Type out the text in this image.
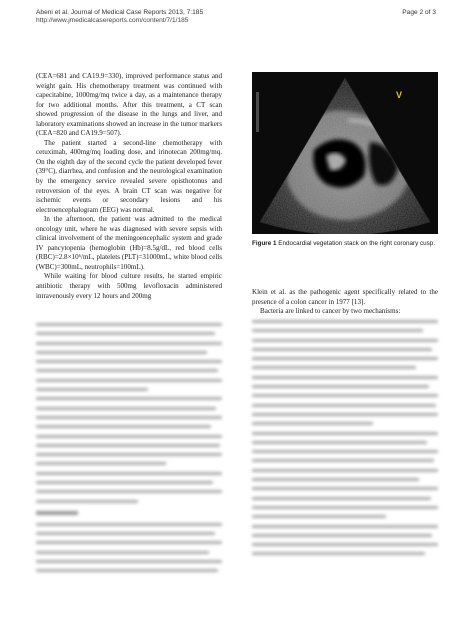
Abeni et al. Journal of Medical Case Reports 2013, 7:185
http://www.jmedicalcasereports.com/content/7/1/185
Page 2 of 3

(CEA=681 and CA19.9=330), improved performance status and weight gain. His chemotherapy treatment was continued with capecitabine, 1000mg/mq twice a day, as a maintenance therapy for two additional months. After this treatment, a CT scan showed progression of the disease in the lungs and liver, and laboratory examinations showed an increase in the tumor markers (CEA=820 and CA19.9=507).

The patient started a second-line chemotherapy with cetuximab, 400mg/mq loading dose, and irinotecan 200mg/mq. On the eighth day of the second cycle the patient developed fever (39°C), diarrhea, and confusion and the neurological examination by the emergency service revealed severe opisthotonus and retroversion of the eyes. A brain CT scan was negative for ischemic events or secondary lesions and his electroencephalogram (EEG) was normal.

In the afternoon, the patient was admitted to the medical oncology unit, where he was diagnosed with severe sepsis with clinical involvement of the meningoencephalic system and grade IV pancytopenia (hemoglobin (Hb)=8.5g/dL, red blood cells (RBC)=2.8×10⁶/mL, platelets (PLT)=31000mL, white blood cells (WBC)=300mL, neutrophils=100mL).

While waiting for blood culture results, he started empiric antibiotic therapy with 500mg levofloxacin administered intravenously every 12 hours and 200mg

V
Figure 1 Endocardial vegetation stack on the right coronary cusp.

Klein et al. as the pathogenic agent specifically related to the presence of a colon cancer in 1977 [13].

Bacteria are linked to cancer by two mechanisms:
